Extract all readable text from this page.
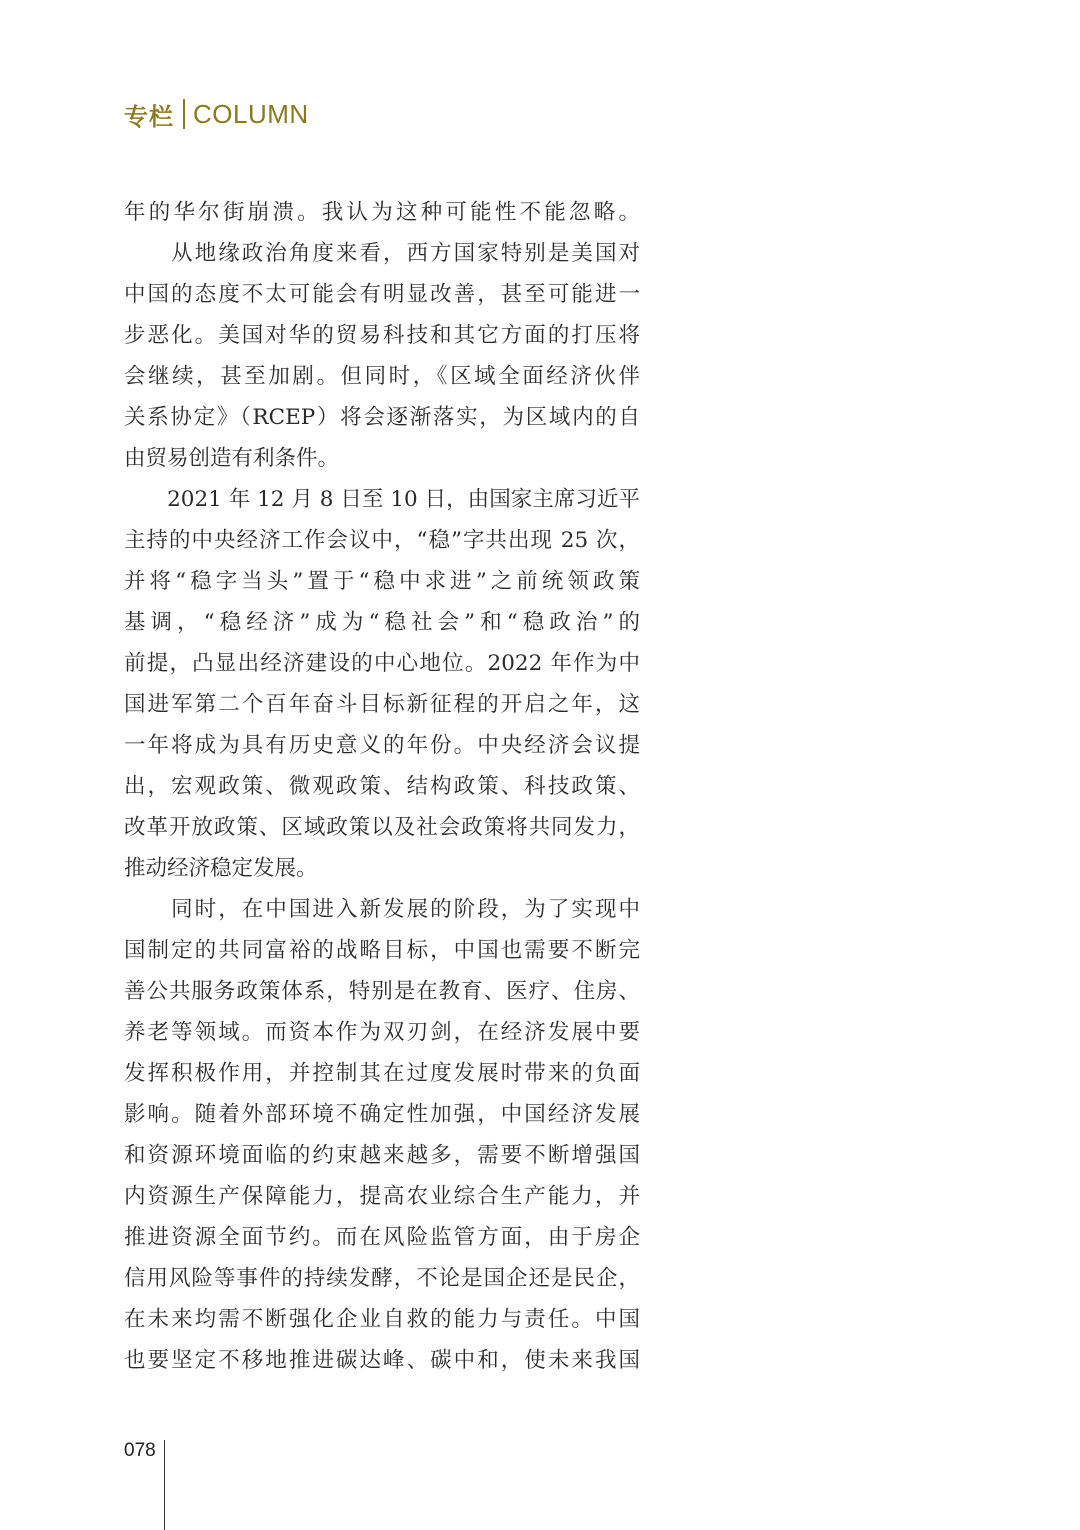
专栏 COLUMN
年的华尔街崩溃。我认为这种可能性不能忽略。
　　从地缘政治角度来看，西方国家特别是美国对
中国的态度不太可能会有明显改善，甚至可能进一
步恶化。美国对华的贸易科技和其它方面的打压将
会继续，甚至加剧。但同时，《区域全面经济伙伴
关系协定》（RCEP）将会逐渐落实，为区域内的自
由贸易创造有利条件。
　　2021 年 12 月 8 日至 10 日，由国家主席习近平
主持的中央经济工作会议中，“稳”字共出现 25 次，
并将“稳字当头”置于“稳中求进”之前统领政策
基调，“稳经济”成为“稳社会”和“稳政治”的
前提，凸显出经济建设的中心地位。2022 年作为中
国进军第二个百年奋斗目标新征程的开启之年，这
一年将成为具有历史意义的年份。中央经济会议提
出，宏观政策、微观政策、结构政策、科技政策、
改革开放政策、区域政策以及社会政策将共同发力，
推动经济稳定发展。
　　同时，在中国进入新发展的阶段，为了实现中
国制定的共同富裕的战略目标，中国也需要不断完
善公共服务政策体系，特别是在教育、医疗、住房、
养老等领域。而资本作为双刃剑，在经济发展中要
发挥积极作用，并控制其在过度发展时带来的负面
影响。随着外部环境不确定性加强，中国经济发展
和资源环境面临的约束越来越多，需要不断增强国
内资源生产保障能力，提高农业综合生产能力，并
推进资源全面节约。而在风险监管方面，由于房企
信用风险等事件的持续发酵，不论是国企还是民企，
在未来均需不断强化企业自救的能力与责任。中国
也要坚定不移地推进碳达峰、碳中和，使未来我国
078
